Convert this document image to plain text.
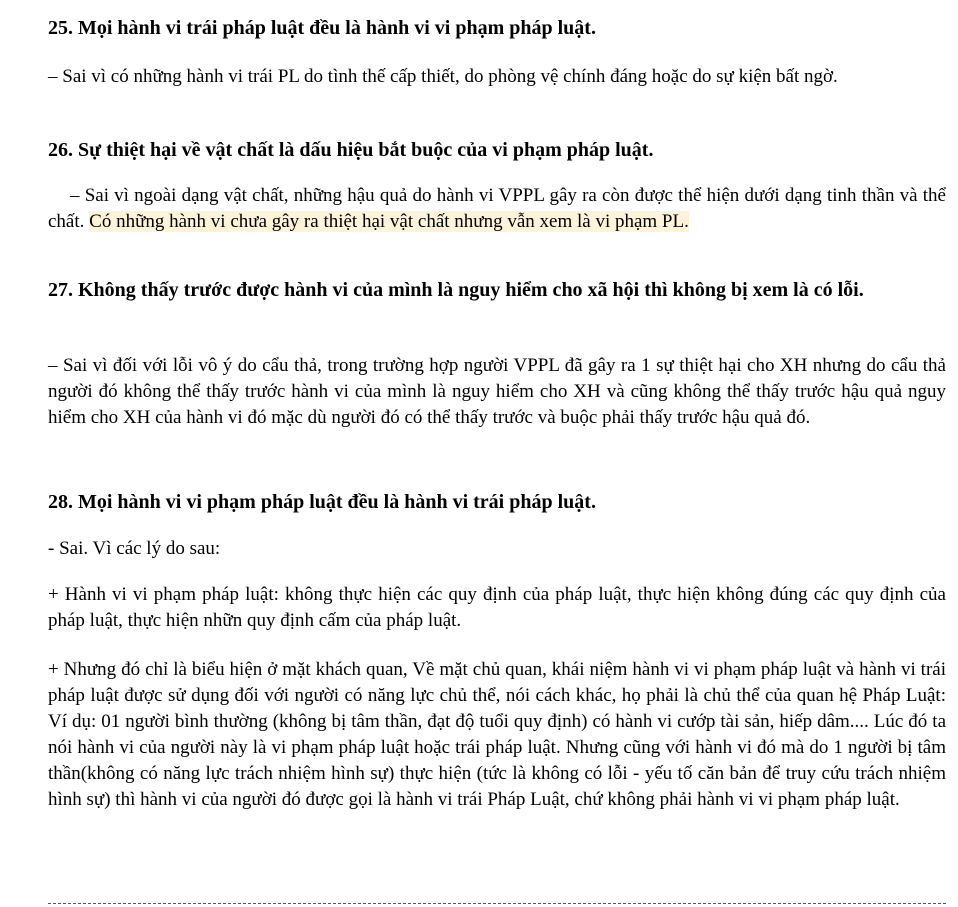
25. Mọi hành vi trái pháp luật đều là hành vi vi phạm pháp luật.

– Sai vì có những hành vi trái PL do tình thế cấp thiết, do phòng vệ chính đáng hoặc do sự kiện bất ngờ.

26. Sự thiệt hại về vật chất là dấu hiệu bắt buộc của vi phạm pháp luật.

– Sai vì ngoài dạng vật chất, những hậu quả do hành vi VPPL gây ra còn được thể hiện dưới dạng tinh thần và thể chất. Có những hành vi chưa gây ra thiệt hại vật chất nhưng vẫn xem là vi phạm PL.

27. Không thấy trước được hành vi của mình là nguy hiểm cho xã hội thì không bị xem là có lỗi.

– Sai vì đối với lỗi vô ý do cẩu thả, trong trường hợp người VPPL đã gây ra 1 sự thiệt hại cho XH nhưng do cẩu thả người đó không thể thấy trước hành vi của mình là nguy hiểm cho XH và cũng không thể thấy trước hậu quả nguy hiểm cho XH của hành vi đó mặc dù người đó có thể thấy trước và buộc phải thấy trước hậu quả đó.

28. Mọi hành vi vi phạm pháp luật đều là hành vi trái pháp luật.

- Sai. Vì các lý do sau:

+ Hành vi vi phạm pháp luật: không thực hiện các quy định của pháp luật, thực hiện không đúng các quy định của pháp luật, thực hiện nhữn quy định cấm của pháp luật.

+ Nhưng đó chỉ là biểu hiện ở mặt khách quan, Về mặt chủ quan, khái niệm hành vi vi phạm pháp luật và hành vi trái pháp luật được sử dụng đối với người có năng lực chủ thể, nói cách khác, họ phải là chủ thể của quan hệ Pháp Luật: Ví dụ: 01 người bình thường (không bị tâm thần, đạt độ tuổi quy định) có hành vi cướp tài sản, hiếp dâm.... Lúc đó ta nói hành vi của người này là vi phạm pháp luật hoặc trái pháp luật. Nhưng cũng với hành vi đó mà do 1 người bị tâm thần(không có năng lực trách nhiệm hình sự) thực hiện (tức là không có lỗi - yếu tố căn bản để truy cứu trách nhiệm hình sự) thì hành vi của người đó được gọi là hành vi trái Pháp Luật, chứ không phải hành vi vi phạm pháp luật.
